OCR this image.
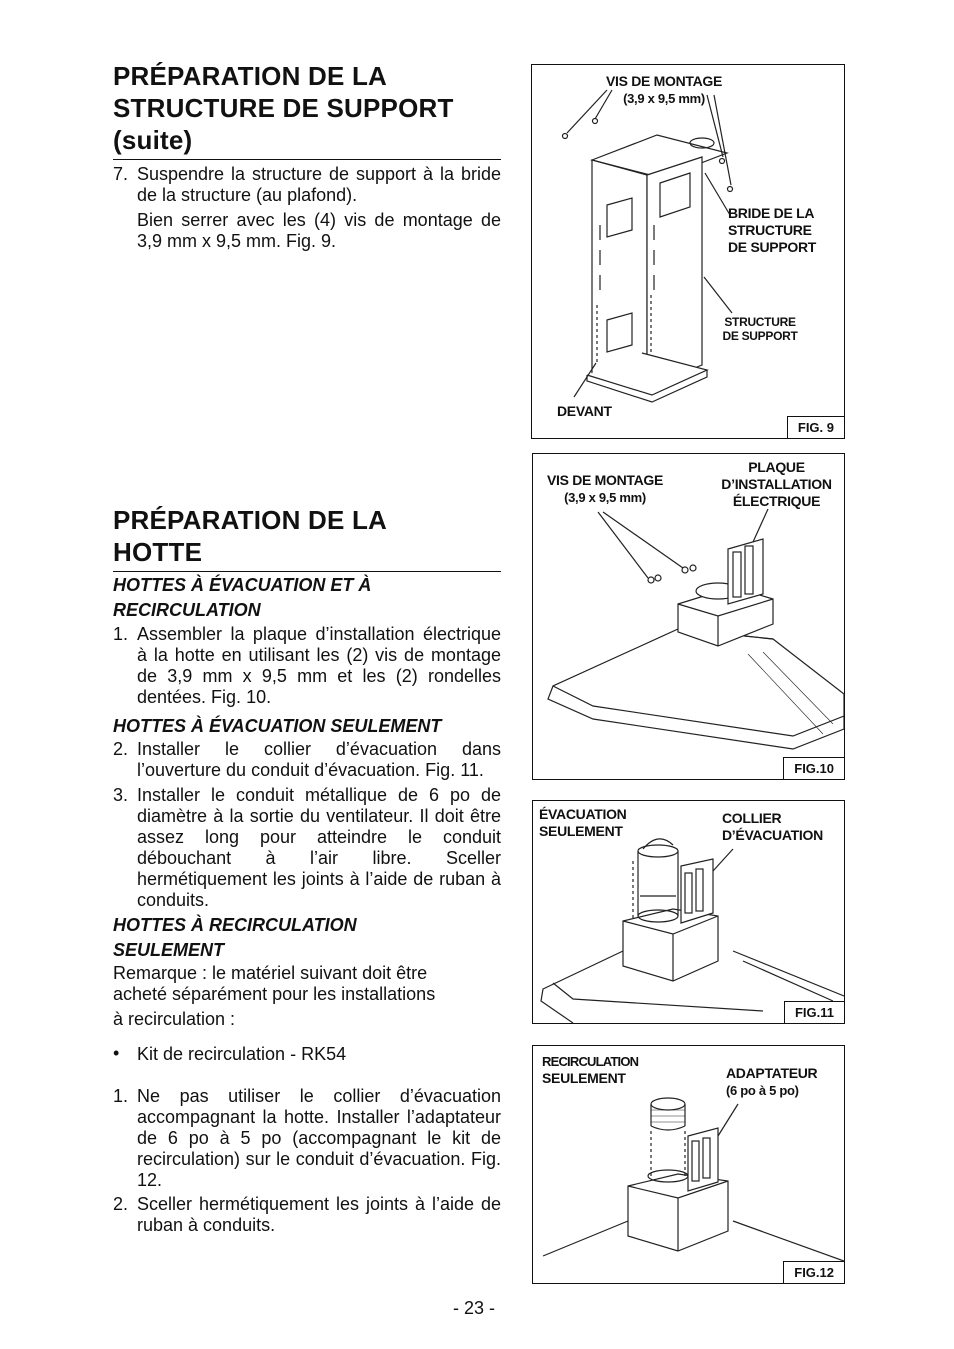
PRÉPARATION DE LA
STRUCTURE DE SUPPORT
(suite)
7. Suspendre la structure de support à la bride de la structure (au plafond).

Bien serrer avec les (4) vis de montage de 3,9 mm x 9,5 mm. Fig. 9.

PRÉPARATION DE LA
HOTTE
HOTTES À ÉVACUATION ET À
RECIRCULATION
1. Assembler la plaque d’installation électrique à la hotte en utilisant les (2) vis de montage de 3,9 mm x 9,5 mm et les (2) rondelles dentées. Fig. 10.

HOTTES À ÉVACUATION SEULEMENT
2. Installer le collier d’évacuation dans l’ouverture du conduit d’évacuation. Fig. 11.

3. Installer le conduit métallique de 6 po de diamètre à la sortie du ventilateur. Il doit être assez long pour atteindre le conduit débouchant à l’air libre. Sceller hermétiquement les joints à l’aide de ruban à conduits.

HOTTES À RECIRCULATION
SEULEMENT
Remarque : le matériel suivant doit être
acheté séparément pour les installations
à recirculation :
• Kit de recirculation - RK54
1. Ne pas utiliser le collier d’évacuation accompagnant la hotte. Installer l’adaptateur de 6 po à 5 po (accompagnant le kit de recirculation) sur le conduit d’évacuation. Fig. 12.

2. Sceller hermétiquement les joints à l’aide de ruban à conduits.

VIS DE MONTAGE
(3,9 x 9,5 mm)
BRIDE DE LA
STRUCTURE
DE SUPPORT
STRUCTURE
DE SUPPORT
DEVANT
FIG. 9
VIS DE MONTAGE
(3,9 x 9,5 mm)
PLAQUE
D’INSTALLATION
ÉLECTRIQUE
FIG.10
ÉVACUATION
SEULEMENT
COLLIER
D’ÉVACUATION
FIG.11
RECIRCULATION
SEULEMENT	ADAPTATEUR
(6 po à 5 po)
FIG.12
- 23 -
